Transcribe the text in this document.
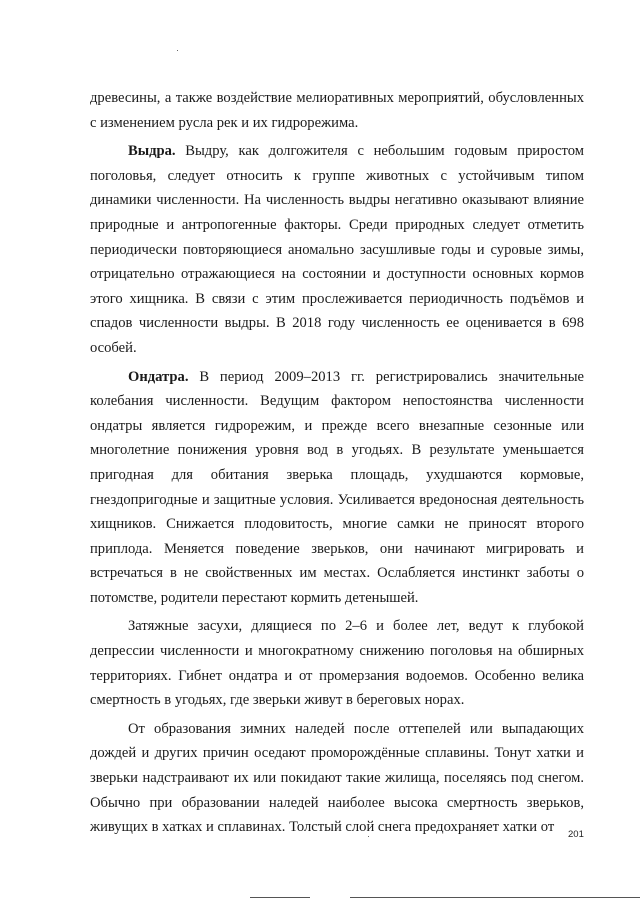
древесины, а также воздействие мелиоративных мероприятий, обусловленных с изменением русла рек и их гидрорежима.

Выдра. Выдру, как долгожителя с небольшим годовым приростом поголовья, следует относить к группе животных с устойчивым типом динамики численности. На численность выдры негативно оказывают влияние природные и антропогенные факторы. Среди природных следует отметить периодически повторяющиеся аномально засушливые годы и суровые зимы, отрицательно отражающиеся на состоянии и доступности основных кормов этого хищника. В связи с этим прослеживается периодичность подъёмов и спадов численности выдры. В 2018 году численность ее оценивается в 698 особей.

Ондатра. В период 2009–2013 гг. регистрировались значительные колебания численности. Ведущим фактором непостоянства численности ондатры является гидрорежим, и прежде всего внезапные сезонные или многолетние понижения уровня вод в угодьях. В результате уменьшается пригодная для обитания зверька площадь, ухудшаются кормовые, гнездопригодные и защитные условия. Усиливается вредоносная деятельность хищников. Снижается плодовитость, многие самки не приносят второго приплода. Меняется поведение зверьков, они начинают мигрировать и встречаться в не свойственных им местах. Ослабляется инстинкт заботы о потомстве, родители перестают кормить детенышей.

Затяжные засухи, длящиеся по 2–6 и более лет, ведут к глубокой депрессии численности и многократному снижению поголовья на обширных территориях. Гибнет ондатра и от промерзания водоемов. Особенно велика смертность в угодьях, где зверьки живут в береговых норах.

От образования зимних наледей после оттепелей или выпадающих дождей и других причин оседают проморождённые сплавины. Тонут хатки и зверьки надстраивают их или покидают такие жилища, поселяясь под снегом. Обычно при образовании наледей наиболее высока смертность зверьков, живущих в хатках и сплавинах. Толстый слой снега предохраняет хатки от	201
